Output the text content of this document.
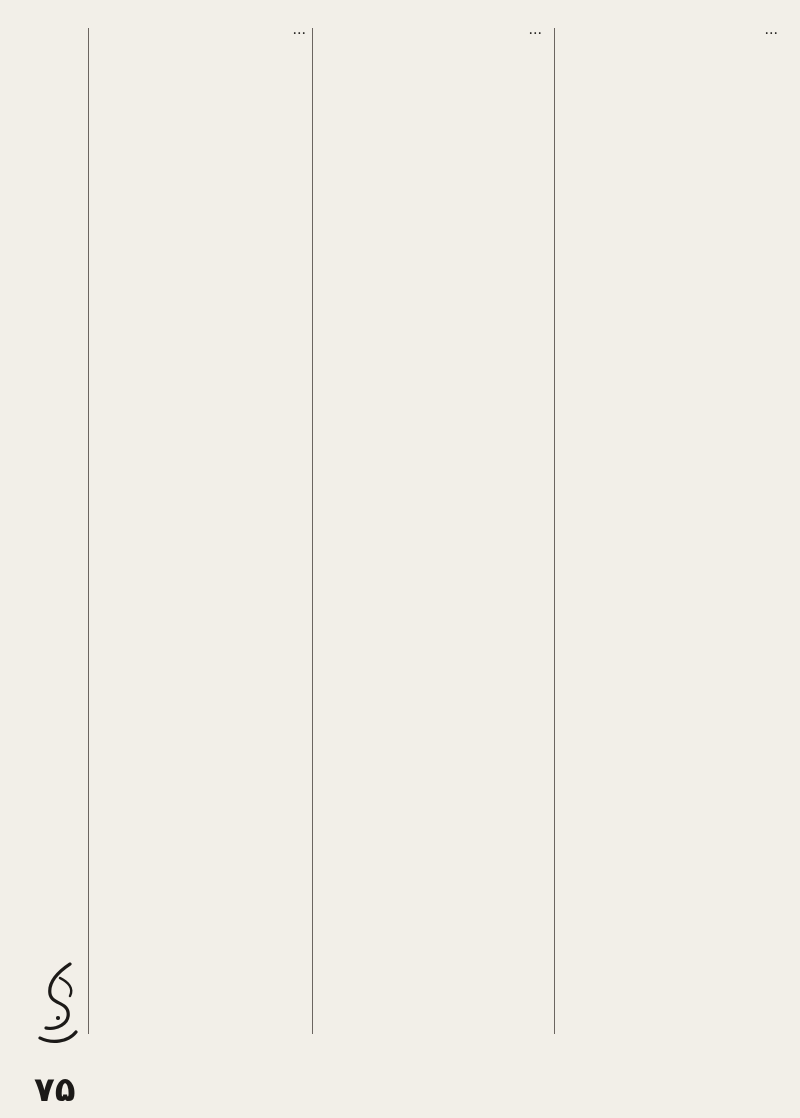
…

…

…

۷۵
